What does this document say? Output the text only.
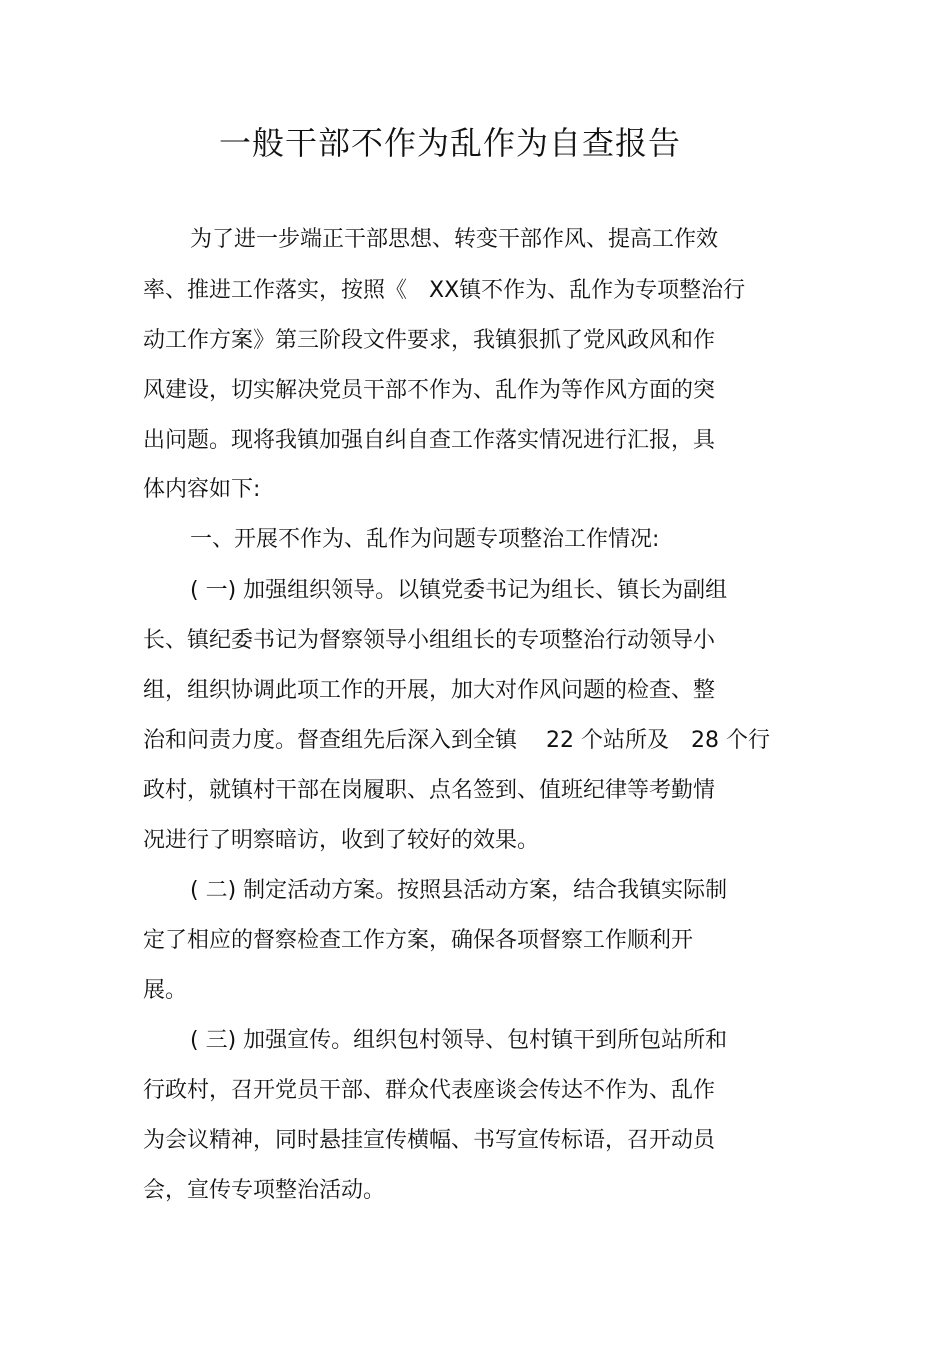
一般干部不作为乱作为自查报告
为了进一步端正干部思想、转变干部作风、提高工作效
率、推进工作落实，按照《　XX镇不作为、乱作为专项整治行
动工作方案》第三阶段文件要求，我镇狠抓了党风政风和作
风建设，切实解决党员干部不作为、乱作为等作风方面的突
出问题。现将我镇加强自纠自查工作落实情况进行汇报，具
体内容如下:
一、开展不作为、乱作为问题专项整治工作情况:
( 一) 加强组织领导。以镇党委书记为组长、镇长为副组
长、镇纪委书记为督察领导小组组长的专项整治行动领导小
组，组织协调此项工作的开展，加大对作风问题的检查、整
治和问责力度。督查组先后深入到全镇　 22 个站所及　28 个行
政村，就镇村干部在岗履职、点名签到、值班纪律等考勤情
况进行了明察暗访，收到了较好的效果。
( 二) 制定活动方案。按照县活动方案，结合我镇实际制
定了相应的督察检查工作方案，确保各项督察工作顺利开
展。
( 三) 加强宣传。组织包村领导、包村镇干到所包站所和
行政村，召开党员干部、群众代表座谈会传达不作为、乱作
为会议精神，同时悬挂宣传横幅、书写宣传标语，召开动员
会，宣传专项整治活动。
